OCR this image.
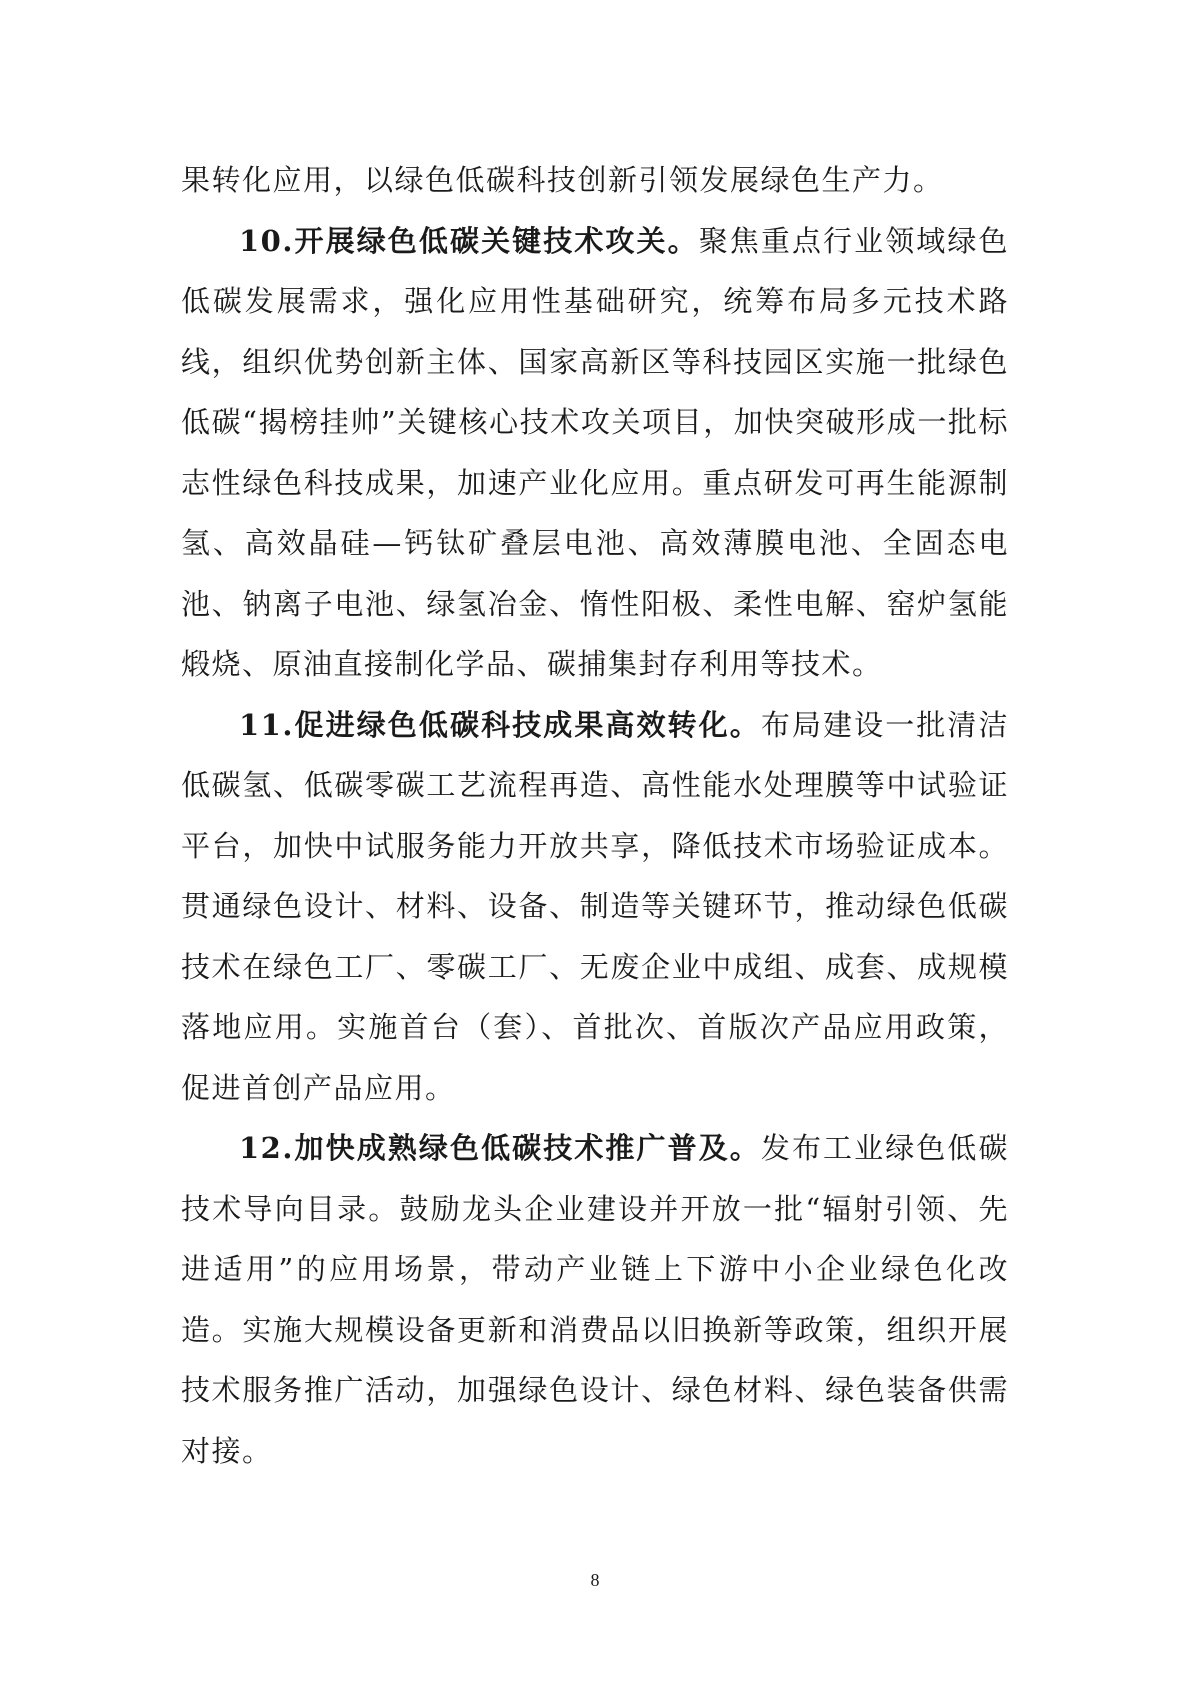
果转化应用，以绿色低碳科技创新引领发展绿色生产力。

10.开展绿色低碳关键技术攻关。聚焦重点行业领域绿色低碳发展需求，强化应用性基础研究，统筹布局多元技术路线，组织优势创新主体、国家高新区等科技园区实施一批绿色低碳“揭榜挂帅”关键核心技术攻关项目，加快突破形成一批标志性绿色科技成果，加速产业化应用。重点研发可再生能源制氢、高效晶硅—钙钛矿叠层电池、高效薄膜电池、全固态电池、钠离子电池、绿氢冶金、惰性阳极、柔性电解、窑炉氢能煅烧、原油直接制化学品、碳捕集封存利用等技术。

11.促进绿色低碳科技成果高效转化。布局建设一批清洁低碳氢、低碳零碳工艺流程再造、高性能水处理膜等中试验证平台，加快中试服务能力开放共享，降低技术市场验证成本。贯通绿色设计、材料、设备、制造等关键环节，推动绿色低碳技术在绿色工厂、零碳工厂、无废企业中成组、成套、成规模落地应用。实施首台（套）、首批次、首版次产品应用政策，促进首创产品应用。

12.加快成熟绿色低碳技术推广普及。发布工业绿色低碳技术导向目录。鼓励龙头企业建设并开放一批“辐射引领、先进适用”的应用场景，带动产业链上下游中小企业绿色化改造。实施大规模设备更新和消费品以旧换新等政策，组织开展技术服务推广活动，加强绿色设计、绿色材料、绿色装备供需对接。

8
